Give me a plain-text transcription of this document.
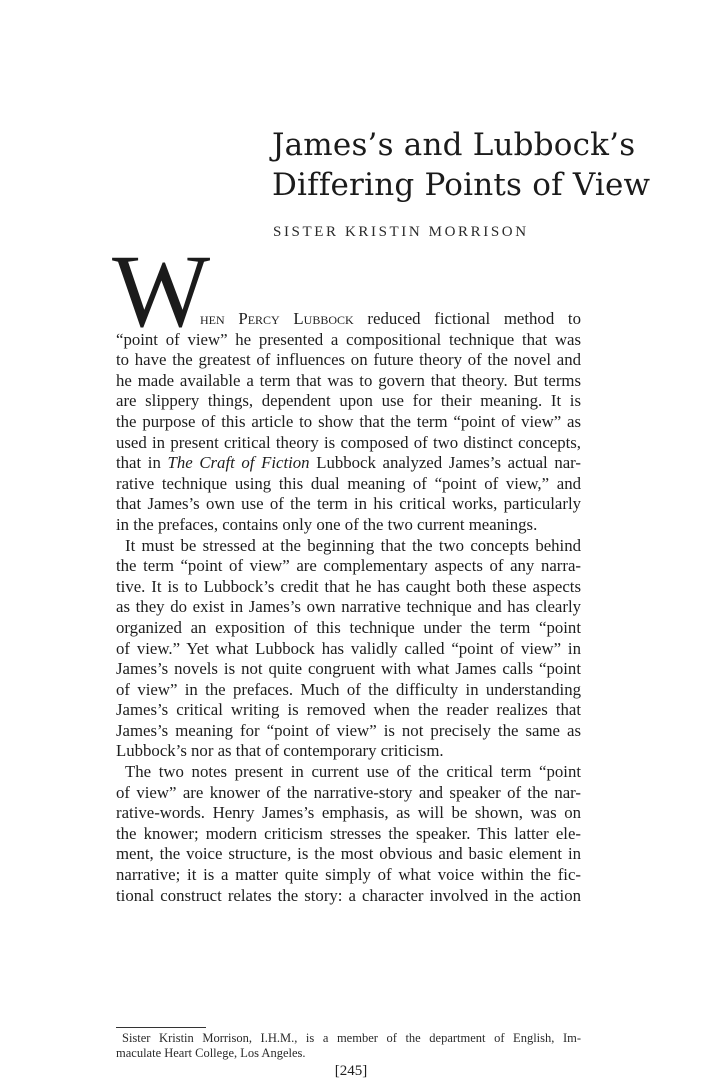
James’s and Lubbock’s
Differing Points of View
SISTER KRISTIN MORRISON
W
hen Percy Lubbock reduced fictional method to
“point of view” he presented a compositional technique that was
to have the greatest of influences on future theory of the novel and
he made available a term that was to govern that theory. But terms
are slippery things, dependent upon use for their meaning. It is
the purpose of this article to show that the term “point of view” as
used in present critical theory is composed of two distinct concepts,
that in The Craft of Fiction Lubbock analyzed James’s actual nar-
rative technique using this dual meaning of “point of view,” and
that James’s own use of the term in his critical works, particularly
in the prefaces, contains only one of the two current meanings.
It must be stressed at the beginning that the two concepts behind
the term “point of view” are complementary aspects of any narra-
tive. It is to Lubbock’s credit that he has caught both these aspects
as they do exist in James’s own narrative technique and has clearly
organized an exposition of this technique under the term “point
of view.” Yet what Lubbock has validly called “point of view” in
James’s novels is not quite congruent with what James calls “point
of view” in the prefaces. Much of the difficulty in understanding
James’s critical writing is removed when the reader realizes that
James’s meaning for “point of view” is not precisely the same as
Lubbock’s nor as that of contemporary criticism.
The two notes present in current use of the critical term “point
of view” are knower of the narrative-story and speaker of the nar-
rative-words. Henry James’s emphasis, as will be shown, was on
the knower; modern criticism stresses the speaker. This latter ele-
ment, the voice structure, is the most obvious and basic element in
narrative; it is a matter quite simply of what voice within the fic-
tional construct relates the story: a character involved in the action
Sister Kristin Morrison, I.H.M., is a member of the department of English, Im-
maculate Heart College, Los Angeles.
[245]
